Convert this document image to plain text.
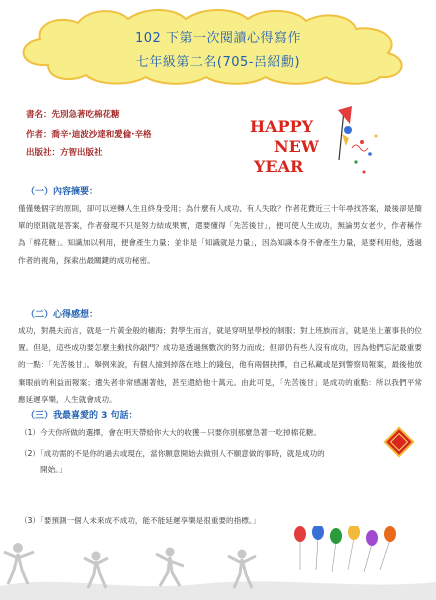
102 下第一次閱讀心得寫作
七年級第二名(705-呂紹勳)
書名：先別急著吃棉花糖
作者：喬辛·迪波沙達和愛倫·辛格
出版社：方智出版社
HAPPY
NEW
YEAR
（一）內容摘要：
僅僅幾個字的原則，卻可以逆轉人生且終身受用；為什麼有人成功、有人失敗？作者花費近三十年尋找答案，最後卻是簡單的原則就是答案，作者發現不只是努力結成果實，還要懂得「先苦後甘」，便可使人生成功，無論男女老少，作者稱作為「棉花糖」。知識加以利用，便會產生力量；並非是「知識就是力量」，因為知識本身不會產生力量，是要利用他，透過作者的視角，探索出最關鍵的成功秘密。
（二）心得感想：
成功，對農夫而言，就是一片黃金般的穗海；對學生而言，就是穿明星學校的制服；對上班族而言，就是坐上董事長的位置。但是，這些成功要怎麼主動找你敲門？成功是透過無數次的努力而成；但卻仍有些人沒有成功，因為他們忘記最重要的一點：「先苦後甘」。舉例來說，有個人撿到掉落在地上的錢包，他有兩個抉擇，自己私藏或是到警察局報案，最後他放棄眼前的利益而報案；遺失者非常感謝著他，甚至還給他十萬元。由此可見，「先苦後甘」是成功的重點：所以我們平常應延遲享樂，人生就會成功。
（三）我最喜愛的 3 句話：
（1）今天你所做的選擇，會在明天帶給你大大的收獲－只要你別那麼急著一吃掉棉花糖。
（2）「成功需的不是你的過去或現在，當你願意開始去做別人不願意做的事時，就是成功的
開始。」
（3）「要預測一個人未來成不成功，能不能延遲享樂是很重要的指標。」
